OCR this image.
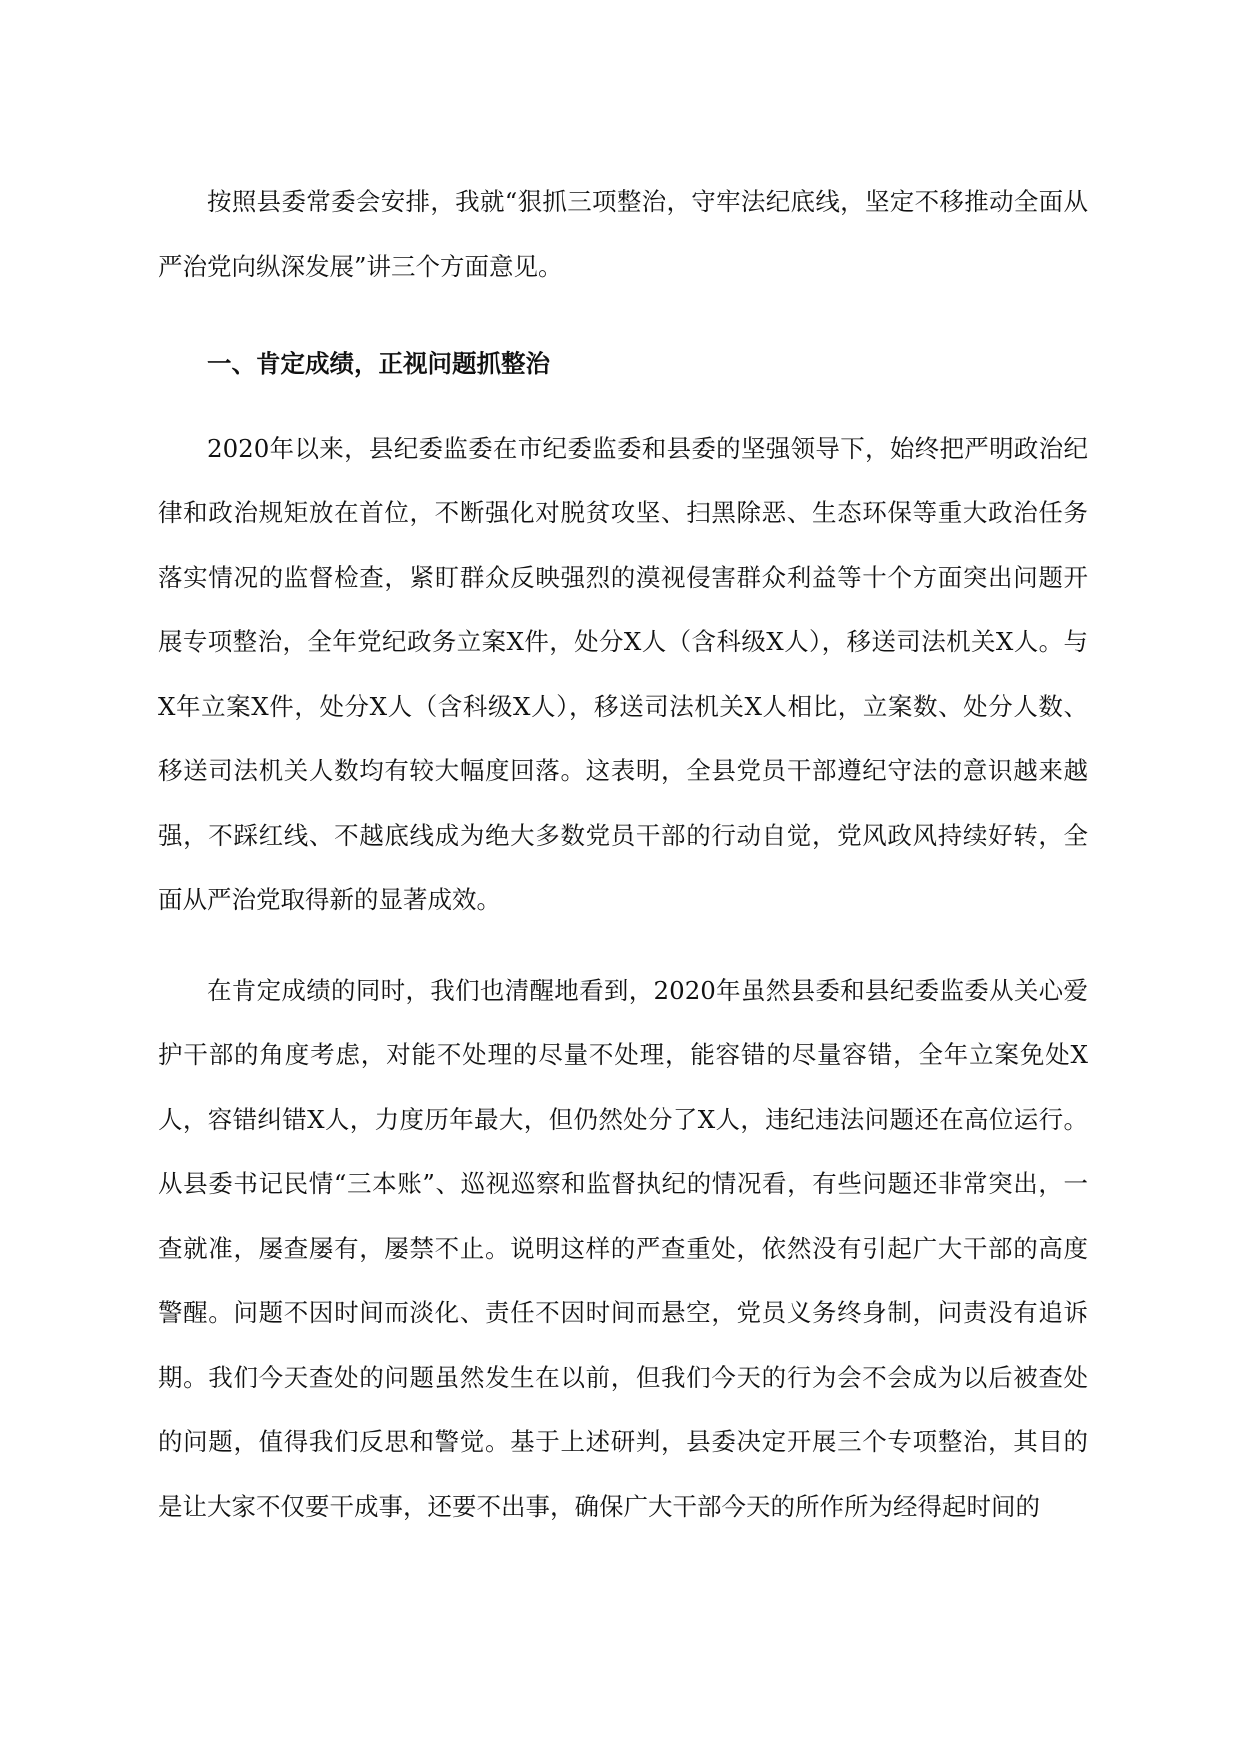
按照县委常委会安排，我就“狠抓三项整治，守牢法纪底线，坚定不移推动全面从严治党向纵深发展”讲三个方面意见。

一、肯定成绩，正视问题抓整治

2020年以来，县纪委监委在市纪委监委和县委的坚强领导下，始终把严明政治纪律和政治规矩放在首位，不断强化对脱贫攻坚、扫黑除恶、生态环保等重大政治任务落实情况的监督检查，紧盯群众反映强烈的漠视侵害群众利益等十个方面突出问题开展专项整治，全年党纪政务立案X件，处分X人（含科级X人），移送司法机关X人。与X年立案X件，处分X人（含科级X人），移送司法机关X人相比，立案数、处分人数、移送司法机关人数均有较大幅度回落。这表明，全县党员干部遵纪守法的意识越来越强，不踩红线、不越底线成为绝大多数党员干部的行动自觉，党风政风持续好转，全面从严治党取得新的显著成效。

在肯定成绩的同时，我们也清醒地看到，2020年虽然县委和县纪委监委从关心爱护干部的角度考虑，对能不处理的尽量不处理，能容错的尽量容错，全年立案免处X人，容错纠错X人，力度历年最大，但仍然处分了X人，违纪违法问题还在高位运行。从县委书记民情“三本账”、巡视巡察和监督执纪的情况看，有些问题还非常突出，一查就准，屡查屡有，屡禁不止。说明这样的严查重处，依然没有引起广大干部的高度警醒。问题不因时间而淡化、责任不因时间而悬空，党员义务终身制，问责没有追诉期。我们今天查处的问题虽然发生在以前，但我们今天的行为会不会成为以后被查处的问题，值得我们反思和警觉。基于上述研判，县委决定开展三个专项整治，其目的是让大家不仅要干成事，还要不出事，确保广大干部今天的所作所为经得起时间的
